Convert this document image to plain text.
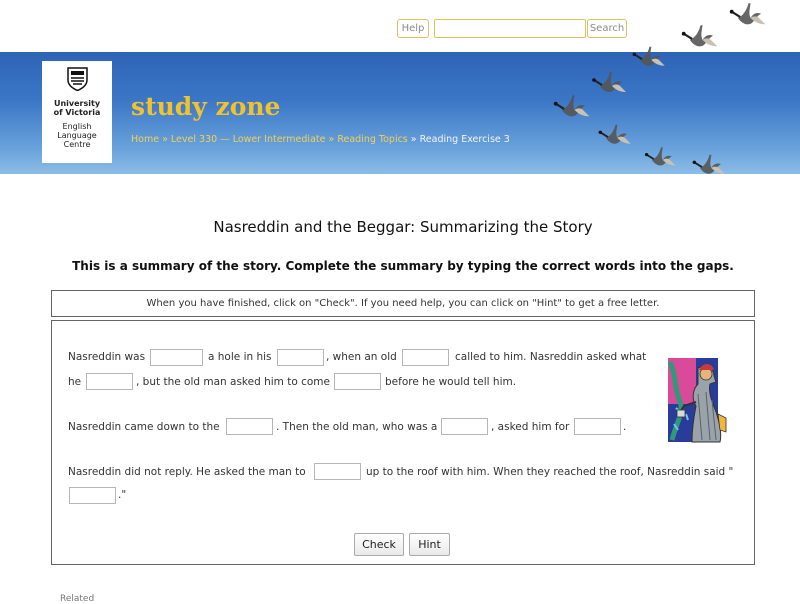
Help	Search
University
of Victoria
English
Language
Centre
study zone
Home » Level 330 — Lower Intermediate » Reading Topics » Reading Exercise 3
Nasreddin and the Beggar: Summarizing the Story
This is a summary of the story. Complete the summary by typing the correct words into the gaps.
When you have finished, click on "Check". If you need help, you can click on "Hint" to get a free letter.
Nasreddin was	a hole in his	, when an old	called to him. Nasreddin asked what
he	, but the old man asked him to come	before he would tell him.
Nasreddin came down to the	. Then the old man, who was a	, asked him for	.
Nasreddin did not reply. He asked the man to	up to the roof with him. When they reached the roof, Nasreddin said "
."
Check	Hint
Related
